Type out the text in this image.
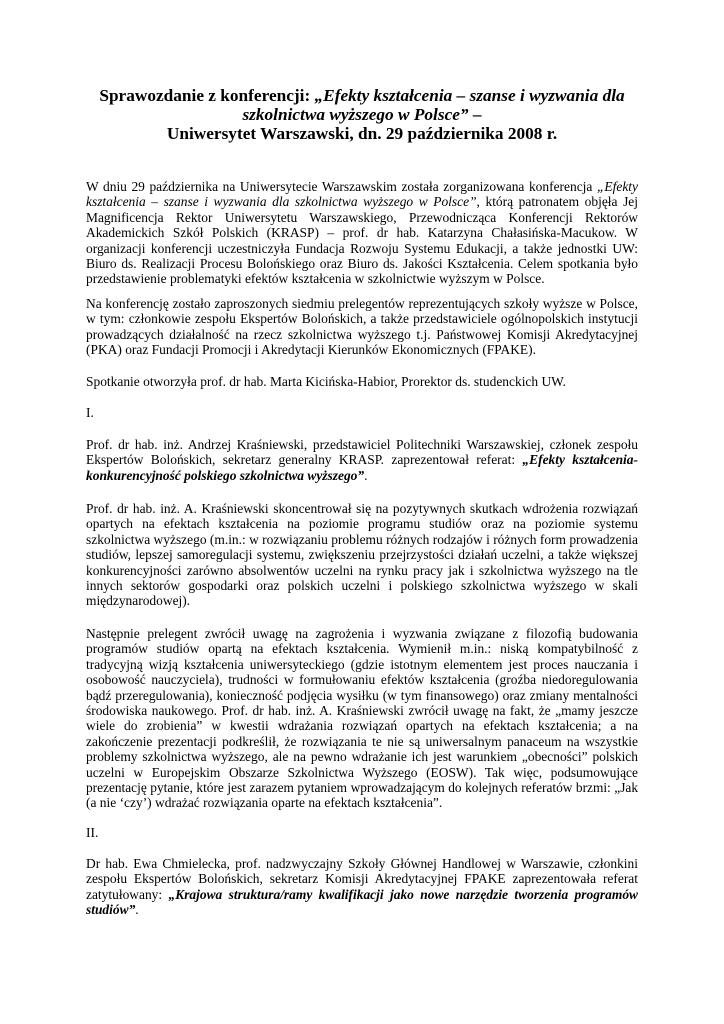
Sprawozdanie z konferencji: „Efekty kształcenia – szanse i wyzwania dla
szkolnictwa wyższego w Polsce” –
Uniwersytet Warszawski, dn. 29 października 2008 r.

W dniu 29 października na Uniwersytecie Warszawskim została zorganizowana konferencja „Efekty
kształcenia – szanse i wyzwania dla szkolnictwa wyższego w Polsce”, którą patronatem objęła Jej
Magnificencja Rektor Uniwersytetu Warszawskiego, Przewodnicząca Konferencji Rektorów
Akademickich Szkół Polskich (KRASP) – prof. dr hab. Katarzyna Chałasińska-Macukow. W
organizacji konferencji uczestniczyła Fundacja Rozwoju Systemu Edukacji, a także jednostki UW:
Biuro ds. Realizacji Procesu Bolońskiego oraz Biuro ds. Jakości Kształcenia. Celem spotkania było
przedstawienie problematyki efektów kształcenia w szkolnictwie wyższym w Polsce.

Na konferencję zostało zaproszonych siedmiu prelegentów reprezentujących szkoły wyższe w Polsce,
w tym: członkowie zespołu Ekspertów Bolońskich, a także przedstawiciele ogólnopolskich instytucji
prowadzących działalność na rzecz szkolnictwa wyższego t.j. Państwowej Komisji Akredytacyjnej
(PKA) oraz Fundacji Promocji i Akredytacji Kierunków Ekonomicznych (FPAKE).

Spotkanie otworzyła prof. dr hab. Marta Kicińska-Habior, Prorektor ds. studenckich UW.

I.

Prof. dr hab. inż. Andrzej Kraśniewski, przedstawiciel Politechniki Warszawskiej, członek zespołu
Ekspertów Bolońskich, sekretarz generalny KRASP. zaprezentował referat: „Efekty kształcenia-
konkurencyjność polskiego szkolnictwa wyższego”.

Prof. dr hab. inż. A. Kraśniewski skoncentrował się na pozytywnych skutkach wdrożenia rozwiązań
opartych na efektach kształcenia na poziomie programu studiów oraz na poziomie systemu
szkolnictwa wyższego (m.in.: w rozwiązaniu problemu różnych rodzajów i różnych form prowadzenia
studiów, lepszej samoregulacji systemu, zwiększeniu przejrzystości działań uczelni, a także większej
konkurencyjności zarówno absolwentów uczelni na rynku pracy jak i szkolnictwa wyższego na tle
innych sektorów gospodarki oraz polskich uczelni i polskiego szkolnictwa wyższego w skali
międzynarodowej).

Następnie prelegent zwrócił uwagę na zagrożenia i wyzwania związane z filozofią budowania
programów studiów opartą na efektach kształcenia. Wymienił m.in.: niską kompatybilność z
tradycyjną wizją kształcenia uniwersyteckiego (gdzie istotnym elementem jest proces nauczania i
osobowość nauczyciela), trudności w formułowaniu efektów kształcenia (groźba niedoregulowania
bądź przeregulowania), konieczność podjęcia wysiłku (w tym finansowego) oraz zmiany mentalności
środowiska naukowego. Prof. dr hab. inż. A. Kraśniewski zwrócił uwagę na fakt, że „mamy jeszcze
wiele do zrobienia” w kwestii wdrażania rozwiązań opartych na efektach kształcenia; a na
zakończenie prezentacji podkreślił, że rozwiązania te nie są uniwersalnym panaceum na wszystkie
problemy szkolnictwa wyższego, ale na pewno wdrażanie ich jest warunkiem „obecności” polskich
uczelni w Europejskim Obszarze Szkolnictwa Wyższego (EOSW). Tak więc, podsumowujące
prezentację pytanie, które jest zarazem pytaniem wprowadzającym do kolejnych referatów brzmi: „Jak
(a nie ‘czy’) wdrażać rozwiązania oparte na efektach kształcenia”.

II.

Dr hab. Ewa Chmielecka, prof. nadzwyczajny Szkoły Głównej Handlowej w Warszawie, członkini
zespołu Ekspertów Bolońskich, sekretarz Komisji Akredytacyjnej FPAKE zaprezentowała referat
zatytułowany: „Krajowa struktura/ramy kwalifikacji jako nowe narzędzie tworzenia programów
studiów”.
